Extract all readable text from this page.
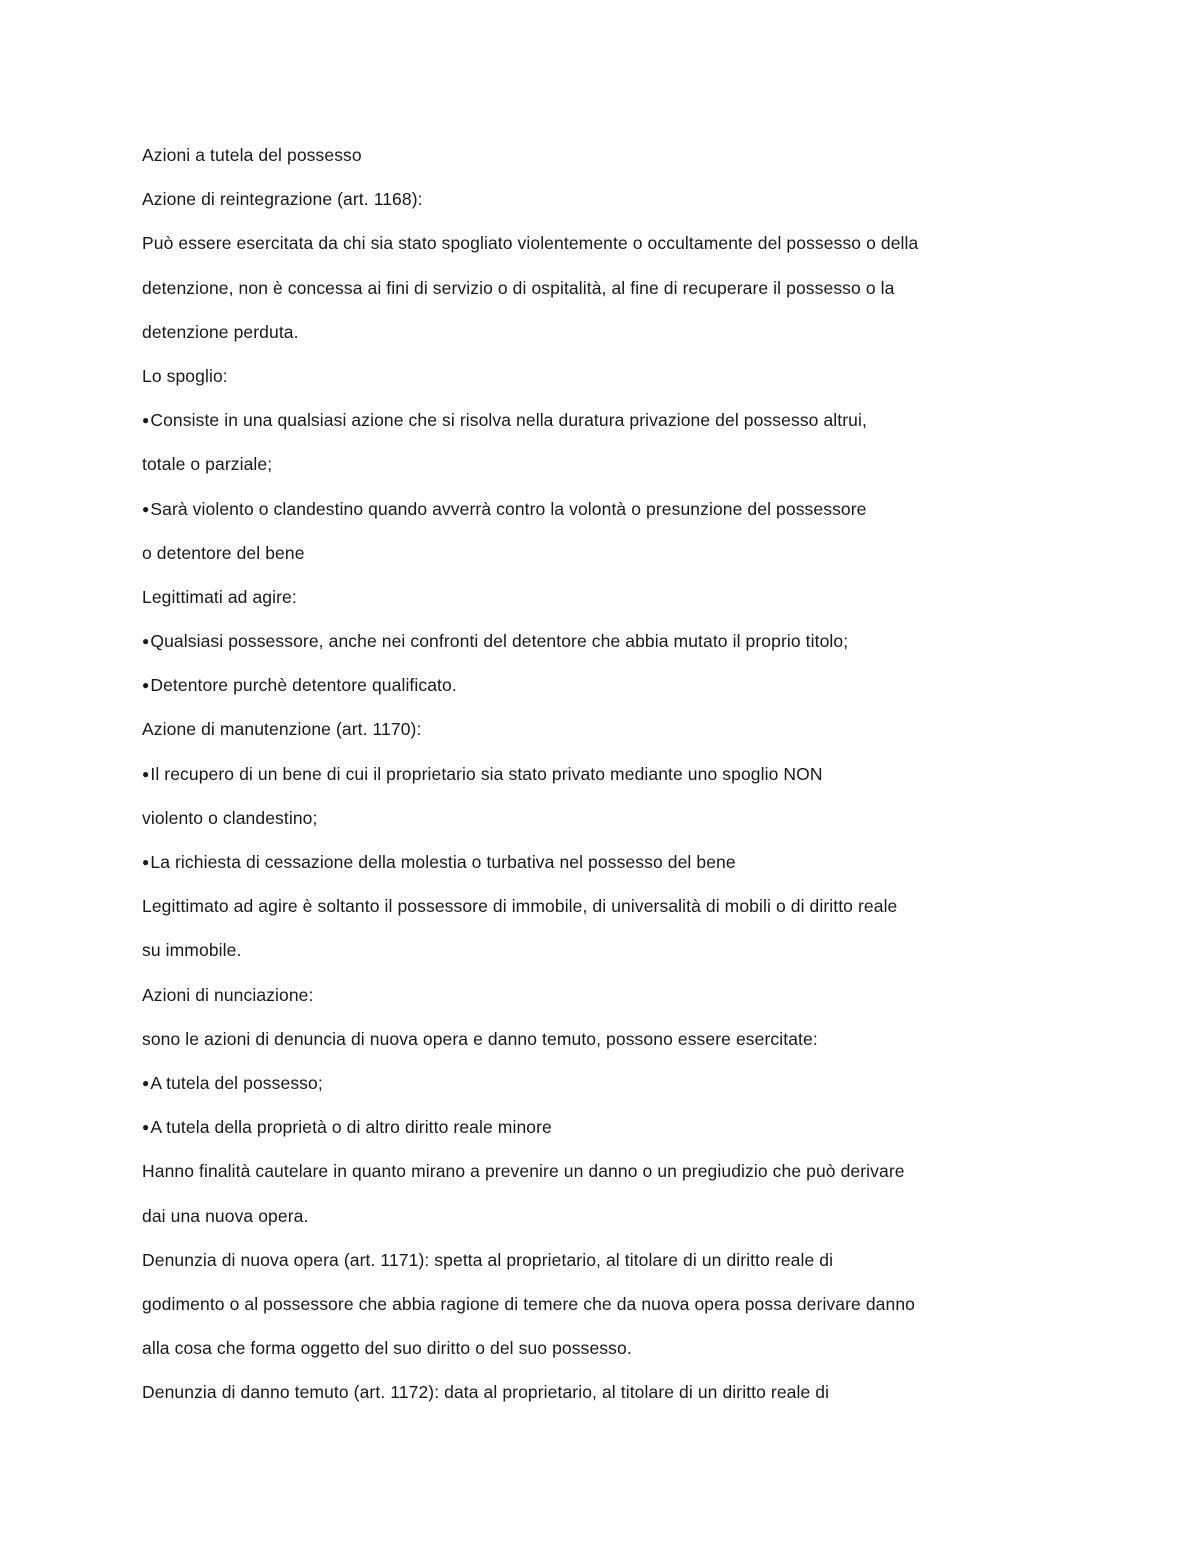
Azioni a tutela del possesso
Azione di reintegrazione (art. 1168):
Può essere esercitata da chi sia stato spogliato violentemente o occultamente del possesso o della
detenzione, non è concessa ai fini di servizio o di ospitalità, al fine di recuperare il possesso o la
detenzione perduta.
Lo spoglio:
●Consiste in una qualsiasi azione che si risolva nella duratura privazione del possesso altrui,
totale o parziale;
●Sarà violento o clandestino quando avverrà contro la volontà o presunzione del possessore
o detentore del bene
Legittimati ad agire:
●Qualsiasi possessore, anche nei confronti del detentore che abbia mutato il proprio titolo;
●Detentore purchè detentore qualificato.
Azione di manutenzione (art. 1170):
●Il recupero di un bene di cui il proprietario sia stato privato mediante uno spoglio NON
violento o clandestino;
●La richiesta di cessazione della molestia o turbativa nel possesso del bene
Legittimato ad agire è soltanto il possessore di immobile, di universalità di mobili o di diritto reale
su immobile.
Azioni di nunciazione:
sono le azioni di denuncia di nuova opera e danno temuto, possono essere esercitate:
●A tutela del possesso;
●A tutela della proprietà o di altro diritto reale minore
Hanno finalità cautelare in quanto mirano a prevenire un danno o un pregiudizio che può derivare
dai una nuova opera.
Denunzia di nuova opera (art. 1171): spetta al proprietario, al titolare di un diritto reale di
godimento o al possessore che abbia ragione di temere che da nuova opera possa derivare danno
alla cosa che forma oggetto del suo diritto o del suo possesso.
Denunzia di danno temuto (art. 1172): data al proprietario, al titolare di un diritto reale di
